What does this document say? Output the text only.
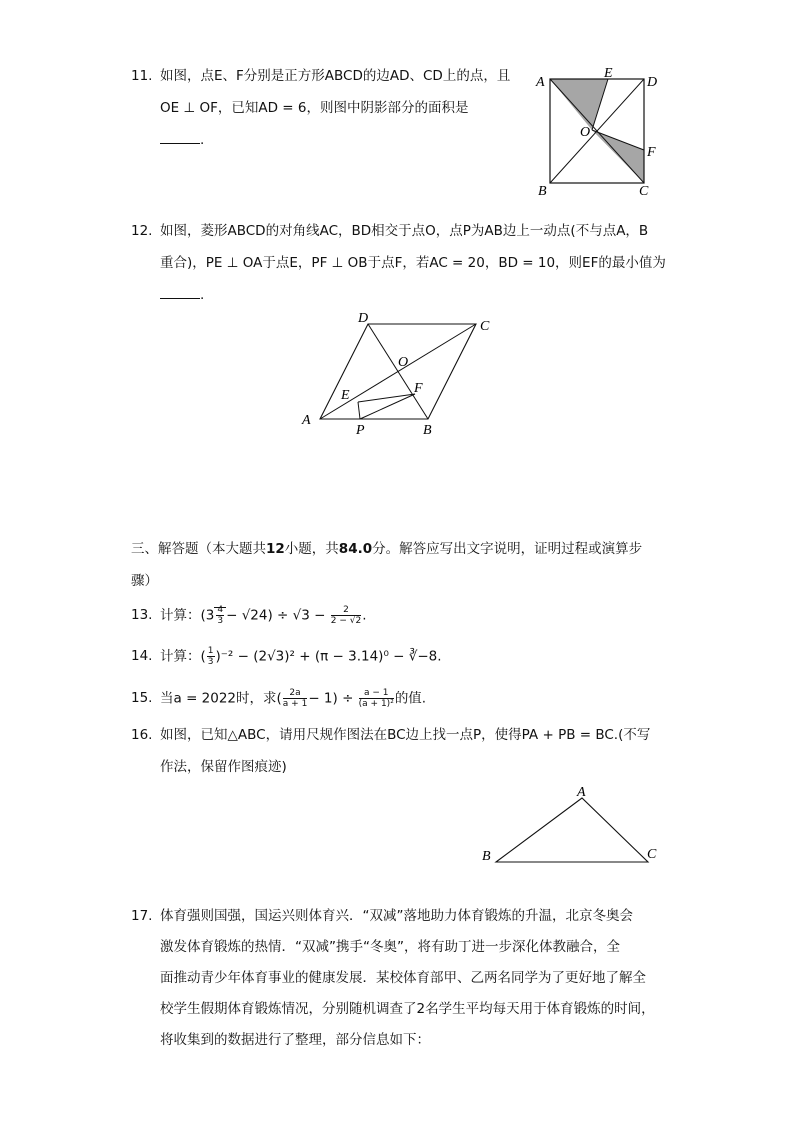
11. 如图，点E、F分别是正方形ABCD的边AD、CD上的点，且
OE ⊥ OF，已知AD = 6，则图中阴影部分的面积是
.
A
E
D
O
F
B	C
12. 如图，菱形ABCD的对角线AC，BD相交于点O，点P为AB边上一动点(不与点A，B
重合)，PE ⊥ OA于点E，PF ⊥ OB于点F，若AC = 20，BD = 10，则EF的最小值为
.
D
C
O
E	F
A
P	B
三、解答题（本大题共12小题，共84.0分。解答应写出文字说明，证明过程或演算步
骤）
13. 计算：$(3 \frac{4}{3} - √24) \div √3 - \frac{2}{2 - √2}$ .
14. 计算：( $\frac{1}{3} )^{-2} - (2√3)^2 + (\pi - 3.14)^0$ − ∛−8.
15. 当a = 2022时，求( $\frac{2a}{a + 1} - 1) \div \frac{a - 1}{\text{(a + 1)²}}$ 的值.
16. 如图，已知△ABC，请用尺规作图法在BC边上找一点P，使得PA + PB = BC.(不写
作法，保留作图痕迹)
A
B	C
17. 体育强则国强，国运兴则体育兴．“双减”落地助力体育锻炼的升温，北京冬奥会
激发体育锻炼的热情．“双减”携手“冬奥”，将有助丁进一步深化体教融合，全
面推动青少年体育事业的健康发展．某校体育部甲、乙两名同学为了更好地了解全
校学生假期体育锻炼情况，分别随机调查了2名学生平均每天用于体育锻炼的时间，
将收集到的数据进行了整理，部分信息如下：
